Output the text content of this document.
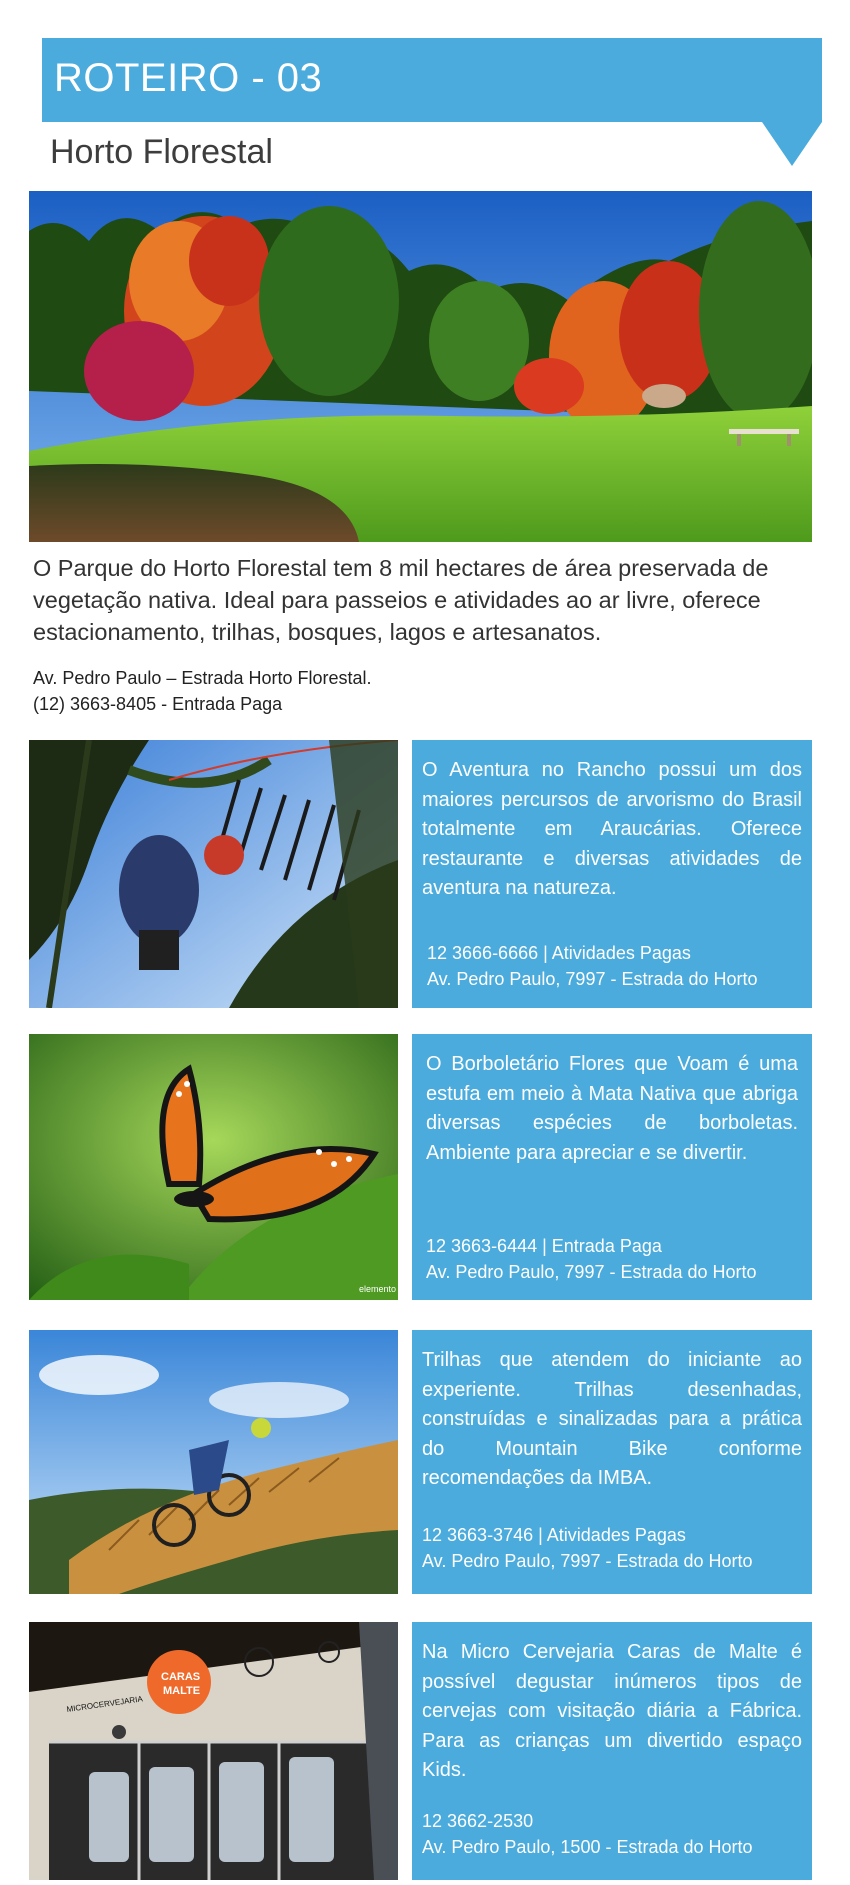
ROTEIRO - 03
Horto Florestal
O Parque do Horto Florestal tem 8 mil hectares de área preservada de vegetação nativa. Ideal para passeios e atividades ao ar livre, oferece estacionamento, trilhas, bosques, lagos e artesanatos.
Av. Pedro Paulo – Estrada Horto Florestal.
(12) 3663-8405 - Entrada Paga
O Aventura no Rancho possui um dos maiores percursos de arvorismo do Brasil totalmente em Araucárias. Oferece restaurante e diversas atividades de aventura na natureza.
12 3666-6666 | Atividades Pagas
Av. Pedro Paulo, 7997 - Estrada do Horto
elemento
O Borboletário Flores que Voam é uma estufa em meio à Mata Nativa que abriga diversas espécies de borboletas. Ambiente para apreciar e se divertir.
12 3663-6444 | Entrada Paga
Av. Pedro Paulo, 7997 - Estrada do Horto
Trilhas que atendem do iniciante ao experiente. Trilhas desenhadas, construídas e sinalizadas para a prática do Mountain Bike conforme recomendações da IMBA.
12 3663-3746 | Atividades Pagas
Av. Pedro Paulo, 7997 - Estrada do Horto
MICROCERVEJARIA
CARAS
MALTE
Na Micro Cervejaria Caras de Malte é possível degustar inúmeros tipos de cervejas com visitação diária a Fábrica. Para as crianças um divertido espaço Kids.
12 3662-2530
Av. Pedro Paulo, 1500 - Estrada do Horto
